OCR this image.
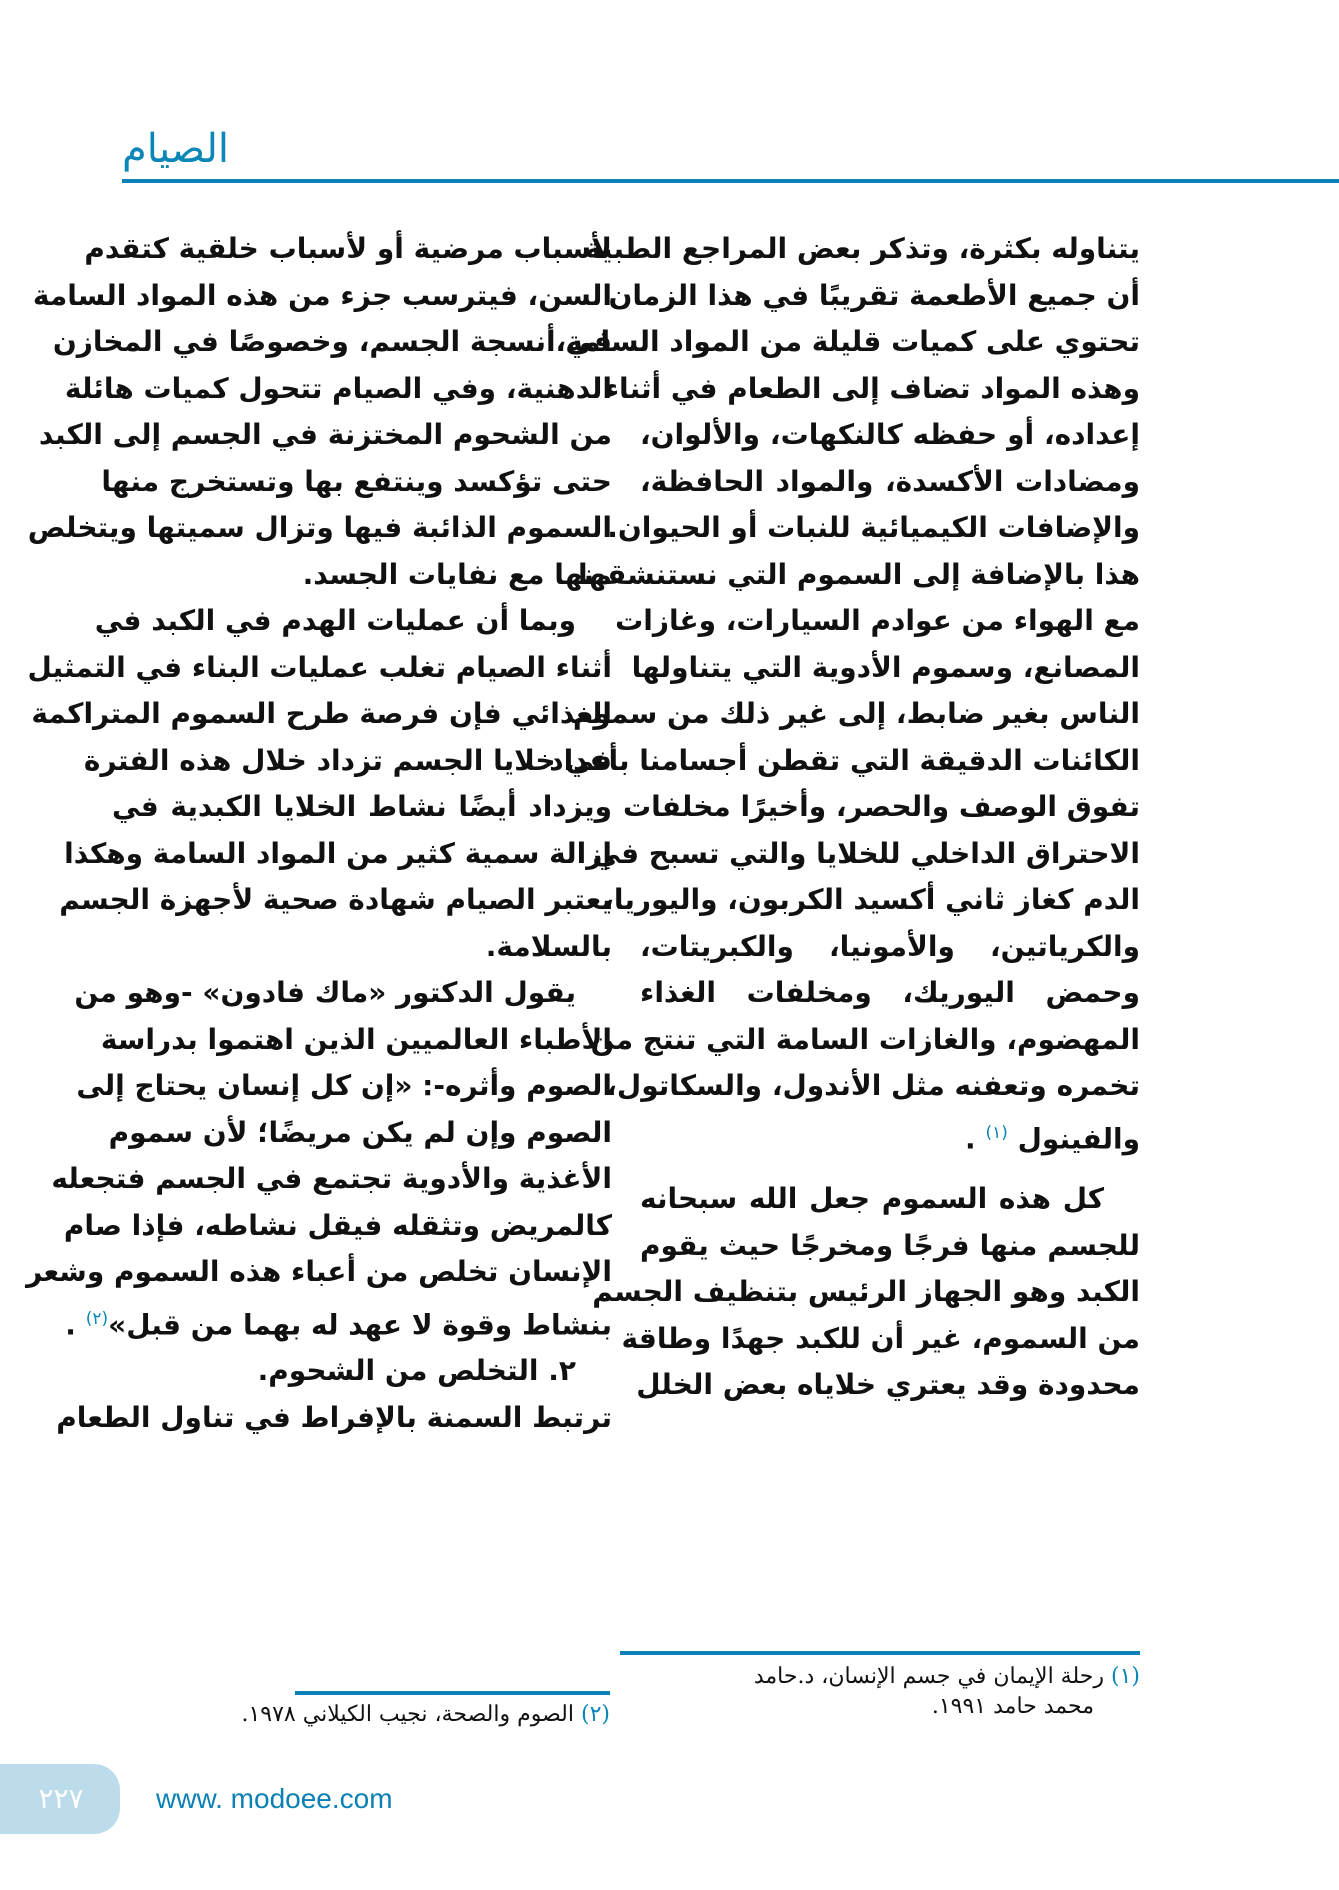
الصيام
يتناوله بكثرة، وتذكر بعض المراجع الطبية
أن جميع الأطعمة تقريبًا في هذا الزمان
تحتوي على كميات قليلة من المواد السامة،
وهذه المواد تضاف إلى الطعام في أثناء
إعداده، أو حفظه كالنكهات، والألوان،
ومضادات الأكسدة، والمواد الحافظة،
والإضافات الكيميائية للنبات أو الحيوان.
هذا بالإضافة إلى السموم التي نستنشقها
مع الهواء من عوادم السيارات، وغازات
المصانع، وسموم الأدوية التي يتناولها
الناس بغير ضابط، إلى غير ذلك من سموم
الكائنات الدقيقة التي تقطن أجسامنا بأعداد
تفوق الوصف والحصر، وأخيرًا مخلفات
الاحتراق الداخلي للخلايا والتي تسبح في
الدم كغاز ثاني أكسيد الكربون، واليوريا،
والكرياتين، والأمونيا، والكبريتات،
وحمض اليوريك، ومخلفات الغذاء
المهضوم، والغازات السامة التي تنتج من
تخمره وتعفنه مثل الأندول، والسكاتول،
والفينول $^{(١)}$ .
كل هذه السموم جعل الله سبحانه
للجسم منها فرجًا ومخرجًا حيث يقوم
الكبد وهو الجهاز الرئيس بتنظيف الجسم
من السموم، غير أن للكبد جهدًا وطاقة
محدودة وقد يعتري خلاياه بعض الخلل
لأسباب مرضية أو لأسباب خلقية كتقدم
السن، فيترسب جزء من هذه المواد السامة
في أنسجة الجسم، وخصوصًا في المخازن
الدهنية، وفي الصيام تتحول كميات هائلة
من الشحوم المختزنة في الجسم إلى الكبد
حتى تؤكسد وينتفع بها وتستخرج منها
السموم الذائبة فيها وتزال سميتها ويتخلص
منها مع نفايات الجسد.
وبما أن عمليات الهدم في الكبد في
أثناء الصيام تغلب عمليات البناء في التمثيل
الغذائي فإن فرصة طرح السموم المتراكمة
في خلايا الجسم تزداد خلال هذه الفترة
ويزداد أيضًا نشاط الخلايا الكبدية في
إزالة سمية كثير من المواد السامة وهكذا
يعتبر الصيام شهادة صحية لأجهزة الجسم
بالسلامة.
يقول الدكتور «ماك فادون» -وهو من
الأطباء العالميين الذين اهتموا بدراسة
الصوم وأثره-: «إن كل إنسان يحتاج إلى
الصوم وإن لم يكن مريضًا؛ لأن سموم
الأغذية والأدوية تجتمع في الجسم فتجعله
كالمريض وتثقله فيقل نشاطه، فإذا صام
الإنسان تخلص من أعباء هذه السموم وشعر
بنشاط وقوة لا عهد له بهما من قبل»$^{(٢)}$ .
٢. التخلص من الشحوم.
ترتبط السمنة بالإفراط في تناول الطعام
(١) رحلة الإيمان في جسم الإنسان، د.حامد
محمد حامد ١٩٩١.
(٢) الصوم والصحة، نجيب الكيلاني ١٩٧٨.
٢٢٧	www. modoee.com
